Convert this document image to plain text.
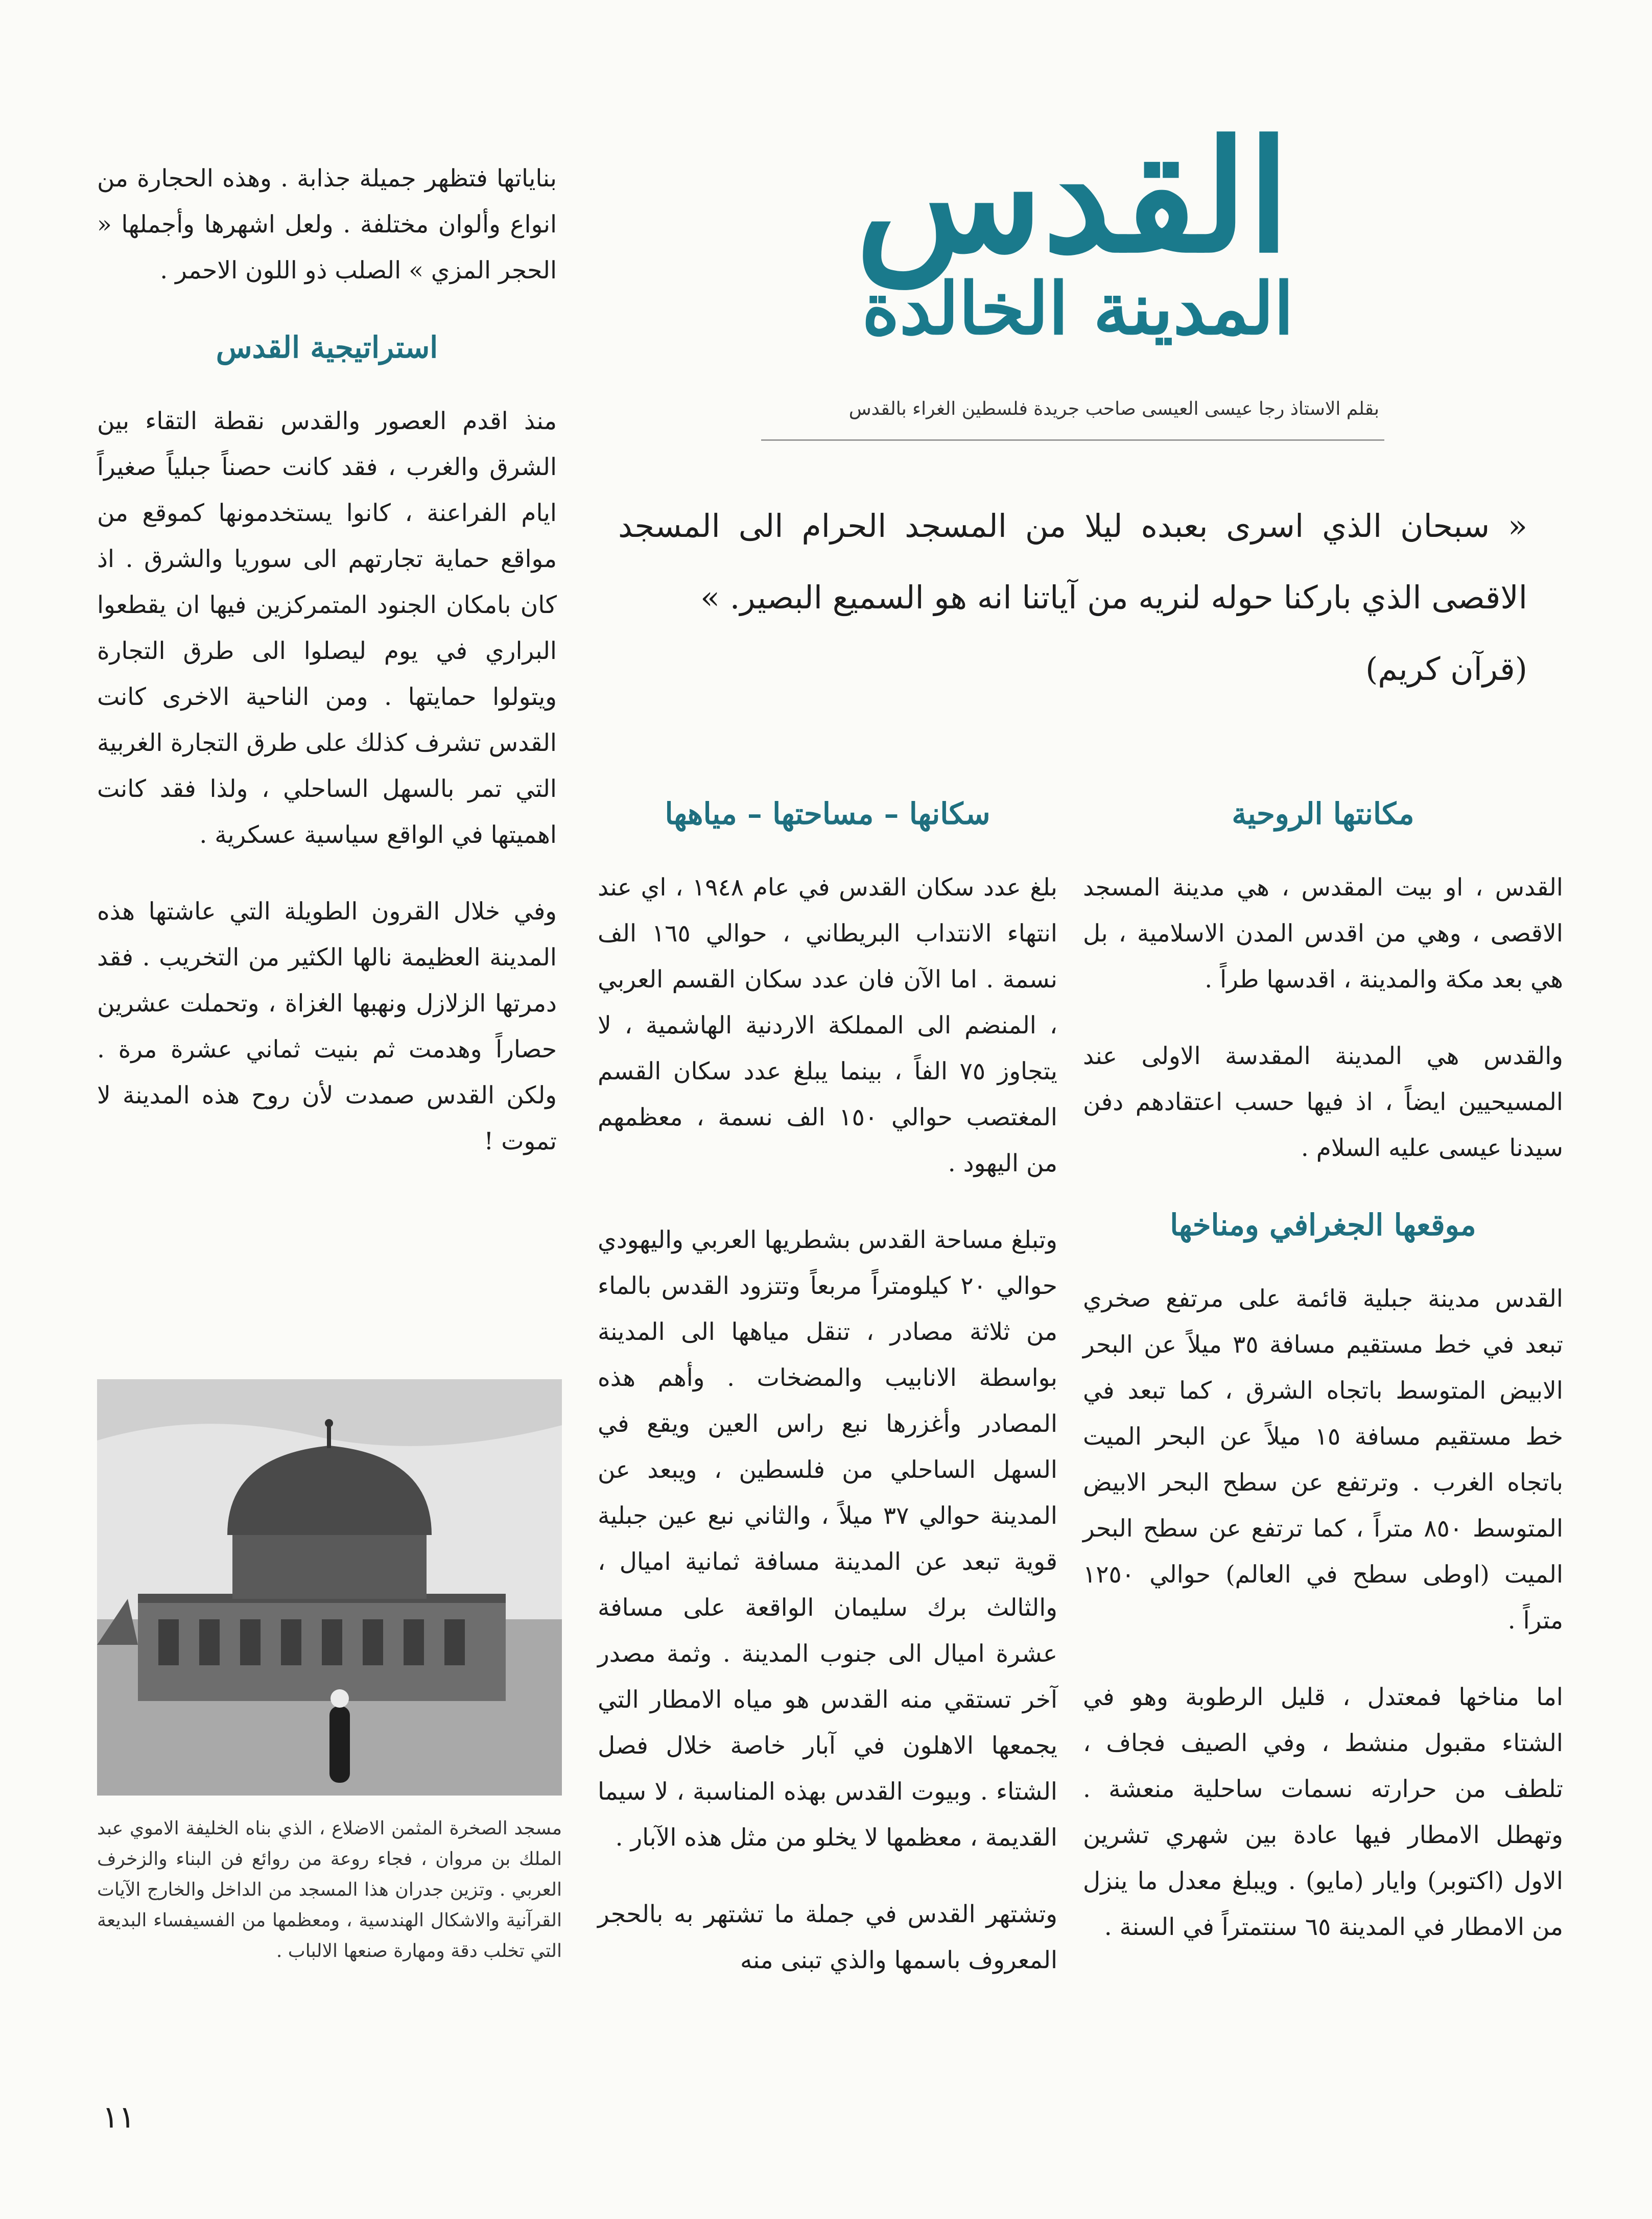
القدس
المدينة الخالدة
بقلم الاستاذ رجا عيسى العيسى صاحب جريدة فلسطين الغراء بالقدس
« سبحان الذي اسرى بعبده ليلا من المسجد الحرام الى المسجد الاقصى الذي باركنا حوله لنريه من آياتنا انه هو السميع البصير. »
(قرآن كريم)

بناياتها فتظهر جميلة جذابة . وهذه الحجارة من انواع وألوان مختلفة . ولعل اشهرها وأجملها « الحجر المزي » الصلب ذو اللون الاحمر .

استراتيجية القدس

منذ اقدم العصور والقدس نقطة التقاء بين الشرق والغرب ، فقد كانت حصناً جبلياً صغيراً ايام الفراعنة ، كانوا يستخدمونها كموقع من مواقع حماية تجارتهم الى سوريا والشرق . اذ كان بامكان الجنود المتمركزين فيها ان يقطعوا البراري في يوم ليصلوا الى طرق التجارة ويتولوا حمايتها . ومن الناحية الاخرى كانت القدس تشرف كذلك على طرق التجارة الغربية التي تمر بالسهل الساحلي ، ولذا فقد كانت اهميتها في الواقع سياسية عسكرية .

وفي خلال القرون الطويلة التي عاشتها هذه المدينة العظيمة نالها الكثير من التخريب . فقد دمرتها الزلازل ونهبها الغزاة ، وتحملت عشرين حصاراً وهدمت ثم بنيت ثماني عشرة مرة . ولكن القدس صمدت لأن روح هذه المدينة لا تموت !

مسجد الصخرة المثمن الاضلاع ، الذي بناه الخليفة الاموي عبد الملك بن مروان ، فجاء روعة من روائع فن البناء والزخرف العربي . وتزين جدران هذا المسجد من الداخل والخارج الآيات القرآنية والاشكال الهندسية ، ومعظمها من الفسيفساء البديعة التي تخلب دقة ومهارة صنعها الالباب .
سكانها – مساحتها – مياهها

بلغ عدد سكان القدس في عام ١٩٤٨ ، اي عند انتهاء الانتداب البريطاني ، حوالي ١٦٥ الف نسمة . اما الآن فان عدد سكان القسم العربي ، المنضم الى المملكة الاردنية الهاشمية ، لا يتجاوز ٧٥ الفاً ، بينما يبلغ عدد سكان القسم المغتصب حوالي ١٥٠ الف نسمة ، معظمهم من اليهود .

وتبلغ مساحة القدس بشطريها العربي واليهودي حوالي ٢٠ كيلومتراً مربعاً وتتزود القدس بالماء من ثلاثة مصادر ، تنقل مياهها الى المدينة بواسطة الانابيب والمضخات . وأهم هذه المصادر وأغزرها نبع راس العين ويقع في السهل الساحلي من فلسطين ، ويبعد عن المدينة حوالي ٣٧ ميلاً ، والثاني نبع عين جبلية قوية تبعد عن المدينة مسافة ثمانية اميال ، والثالث برك سليمان الواقعة على مسافة عشرة اميال الى جنوب المدينة . وثمة مصدر آخر تستقي منه القدس هو مياه الامطار التي يجمعها الاهلون في آبار خاصة خلال فصل الشتاء . وبيوت القدس بهذه المناسبة ، لا سيما القديمة ، معظمها لا يخلو من مثل هذه الآبار .

وتشتهر القدس في جملة ما تشتهر به بالحجر المعروف باسمها والذي تبنى منه

مكانتها الروحية

القدس ، او بيت المقدس ، هي مدينة المسجد الاقصى ، وهي من اقدس المدن الاسلامية ، بل هي بعد مكة والمدينة ، اقدسها طراً .

والقدس هي المدينة المقدسة الاولى عند المسيحيين ايضاً ، اذ فيها حسب اعتقادهم دفن سيدنا عيسى عليه السلام .

موقعها الجغرافي ومناخها

القدس مدينة جبلية قائمة على مرتفع صخري تبعد في خط مستقيم مسافة ٣٥ ميلاً عن البحر الابيض المتوسط باتجاه الشرق ، كما تبعد في خط مستقيم مسافة ١٥ ميلاً عن البحر الميت باتجاه الغرب . وترتفع عن سطح البحر الابيض المتوسط ٨٥٠ متراً ، كما ترتفع عن سطح البحر الميت (اوطى سطح في العالم) حوالي ١٢٥٠ متراً .

اما مناخها فمعتدل ، قليل الرطوبة وهو في الشتاء مقبول منشط ، وفي الصيف فجاف ، تلطف من حرارته نسمات ساحلية منعشة . وتهطل الامطار فيها عادة بين شهري تشرين الاول (اكتوبر) وايار (مايو) . ويبلغ معدل ما ينزل من الامطار في المدينة ٦٥ سنتمتراً في السنة .

١١
